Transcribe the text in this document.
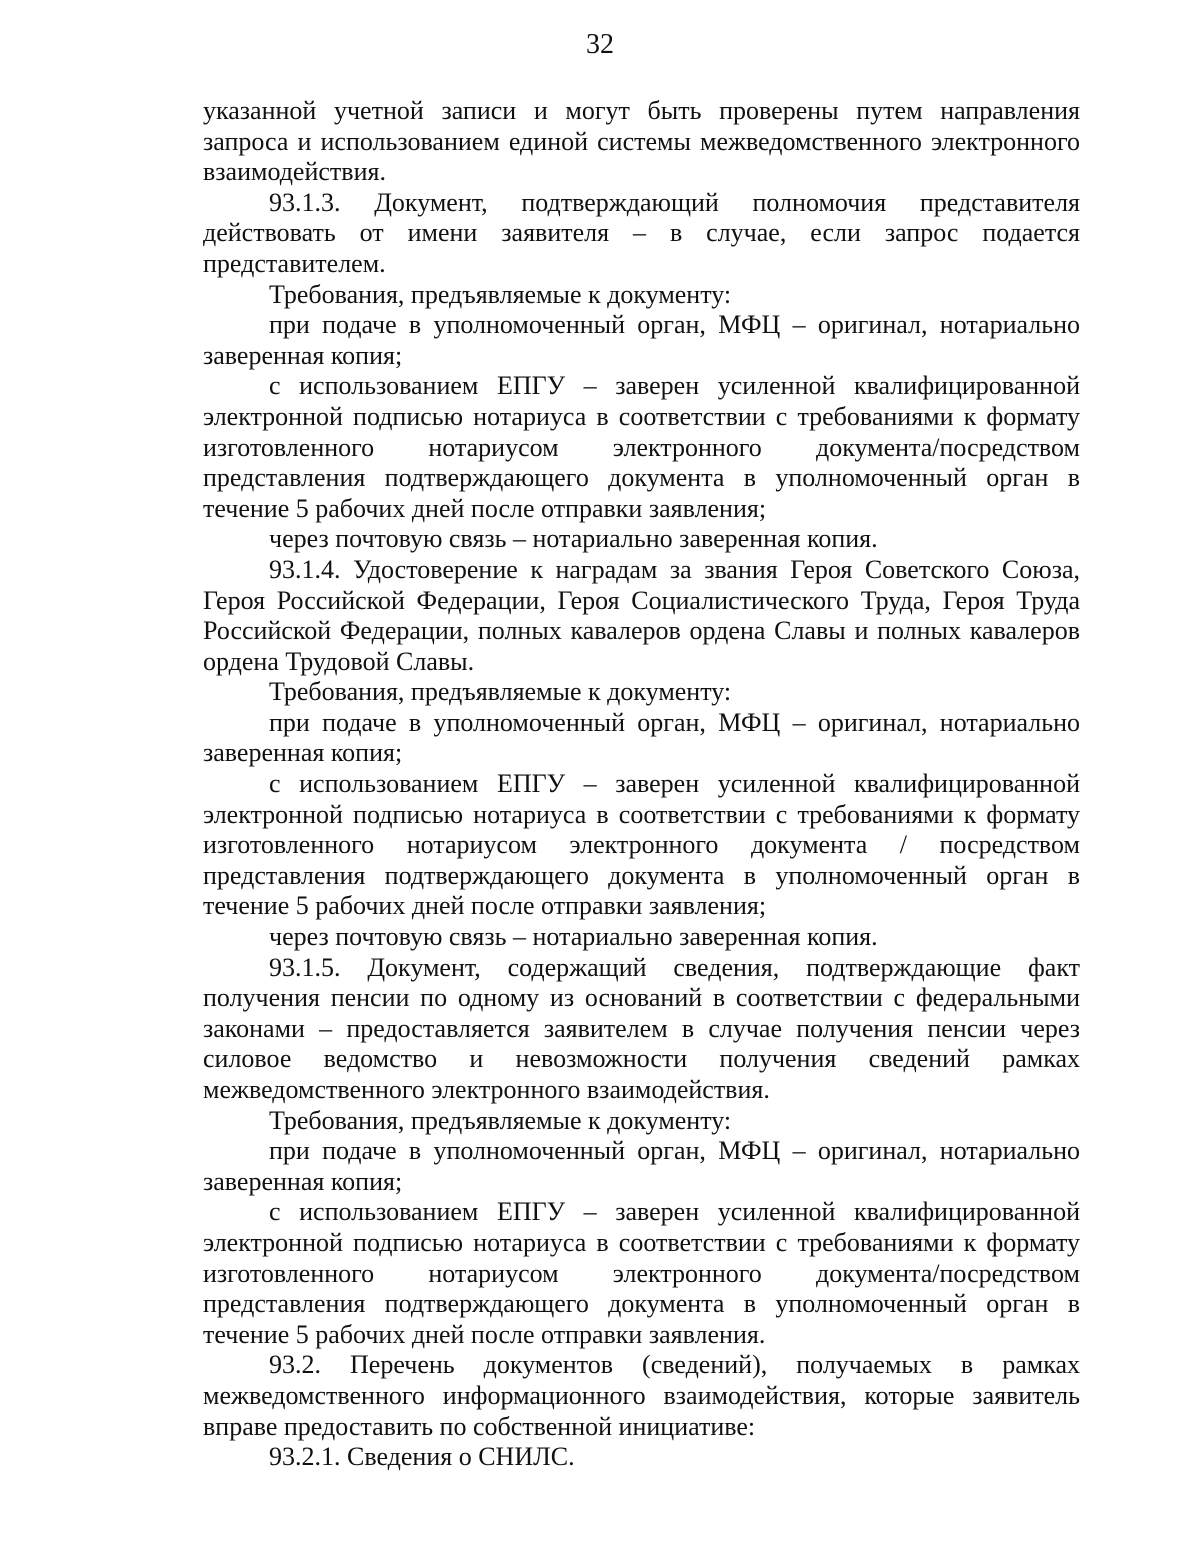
32

указанной учетной записи и могут быть проверены путем направления запроса и использованием единой системы межведомственного электронного взаимодействия.

93.1.3. Документ, подтверждающий полномочия представителя действовать от имени заявителя – в случае, если запрос подается представителем.

Требования, предъявляемые к документу:

при подаче в уполномоченный орган, МФЦ – оригинал, нотариально заверенная копия;

с использованием ЕПГУ – заверен усиленной квалифицированной электронной подписью нотариуса в соответствии с требованиями к формату изготовленного нотариусом электронного документа/посредством представления подтверждающего документа в уполномоченный орган в течение 5 рабочих дней после отправки заявления;

через почтовую связь – нотариально заверенная копия.

93.1.4. Удостоверение к наградам за звания Героя Советского Союза, Героя Российской Федерации, Героя Социалистического Труда, Героя Труда Российской Федерации, полных кавалеров ордена Славы и полных кавалеров ордена Трудовой Славы.

Требования, предъявляемые к документу:

при подаче в уполномоченный орган, МФЦ – оригинал, нотариально заверенная копия;

с использованием ЕПГУ – заверен усиленной квалифицированной электронной подписью нотариуса в соответствии с требованиями к формату изготовленного нотариусом электронного документа / посредством представления подтверждающего документа в уполномоченный орган в течение 5 рабочих дней после отправки заявления;

через почтовую связь – нотариально заверенная копия.

93.1.5. Документ, содержащий сведения, подтверждающие факт получения пенсии по одному из оснований в соответствии с федеральными законами – предоставляется заявителем в случае получения пенсии через силовое ведомство и невозможности получения сведений рамках межведомственного электронного взаимодействия.

Требования, предъявляемые к документу:

при подаче в уполномоченный орган, МФЦ – оригинал, нотариально заверенная копия;

с использованием ЕПГУ – заверен усиленной квалифицированной электронной подписью нотариуса в соответствии с требованиями к формату изготовленного нотариусом электронного документа/посредством представления подтверждающего документа в уполномоченный орган в течение 5 рабочих дней после отправки заявления.

93.2. Перечень документов (сведений), получаемых в рамках межведомственного информационного взаимодействия, которые заявитель вправе предоставить по собственной инициативе:

93.2.1. Сведения о СНИЛС.
